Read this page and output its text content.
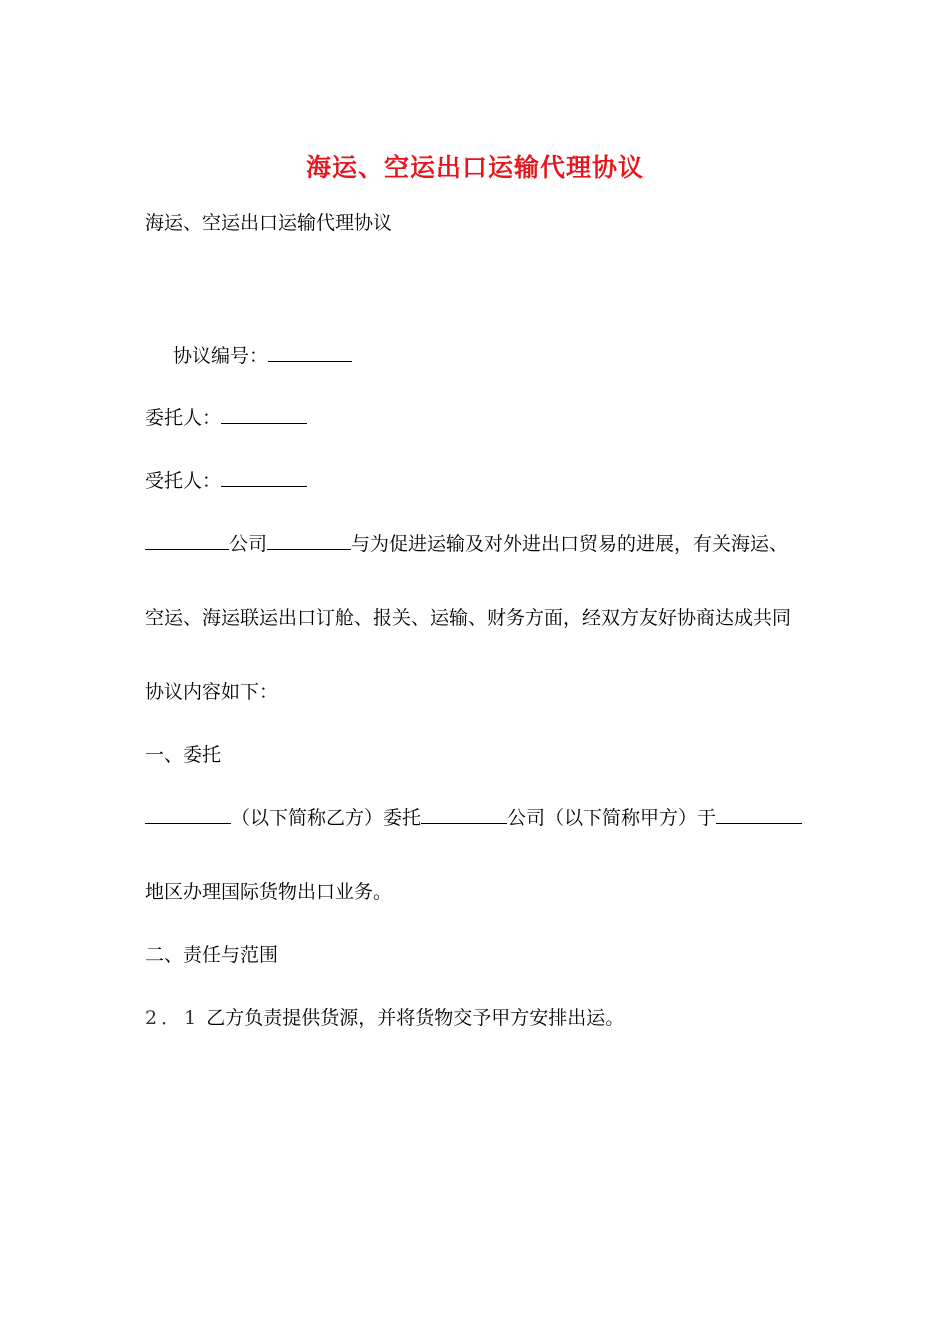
海运、空运出口运输代理协议
海运、空运出口运输代理协议
协议编号：
委托人：
受托人：
公司	与为促进运输及对外进出口贸易的进展，有关海运、
空运、海运联运出口订舱、报关、运输、财务方面，经双方友好协商达成共同
协议内容如下：
一、委托
（以下简称乙方）委托	公司（以下简称甲方）于
地区办理国际货物出口业务。
二、责任与范围
2．1 乙方负责提供货源，并将货物交予甲方安排出运。
